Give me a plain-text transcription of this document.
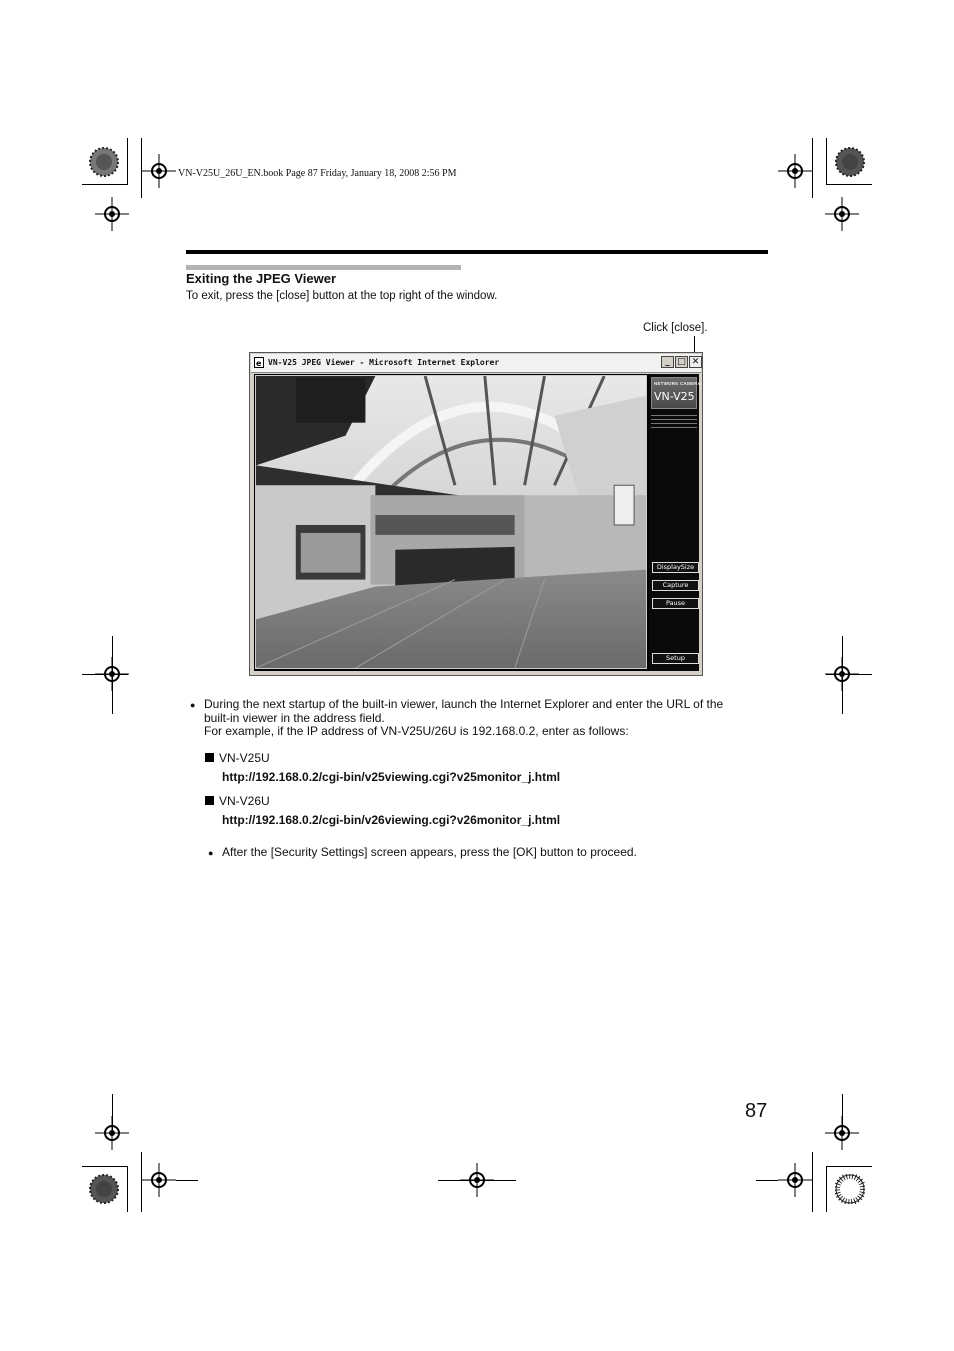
VN-V25U_26U_EN.book Page 87 Friday, January 18, 2008 2:56 PM
Exiting the JPEG Viewer
To exit, press the [close] button at the top right of the window.
Click [close].
e VN-V25 JPEG Viewer - Microsoft Internet Explorer	_ □ ✕
NETWORK CAMERA
VN-V25
DisplaySize
Capture
Pause
Setup
● During the next startup of the built-in viewer, launch the Internet Explorer and enter the URL of the
built-in viewer in the address field.
For example, if the IP address of VN-V25U/26U is 192.168.0.2, enter as follows:
VN-V25U
http://192.168.0.2/cgi-bin/v25viewing.cgi?v25monitor_j.html
VN-V26U
http://192.168.0.2/cgi-bin/v26viewing.cgi?v26monitor_j.html
● After the [Security Settings] screen appears, press the [OK] button to proceed.
87
